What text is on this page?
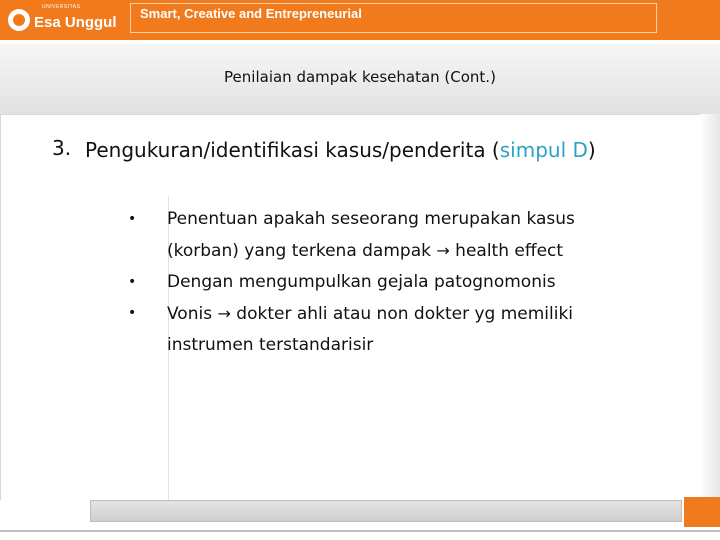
UNIVERSITAS
Esa Unggul Smart, Creative and Entrepreneurial
Penilaian dampak kesehatan (Cont.)
3. Pengukuran/identifikasi kasus/penderita (simpul D)
• Penentuan apakah seseorang merupakan kasus (korban) yang terkena dampak → health effect
• Dengan mengumpulkan gejala patognomonis
• Vonis → dokter ahli atau non dokter yg memiliki instrumen terstandarisir
